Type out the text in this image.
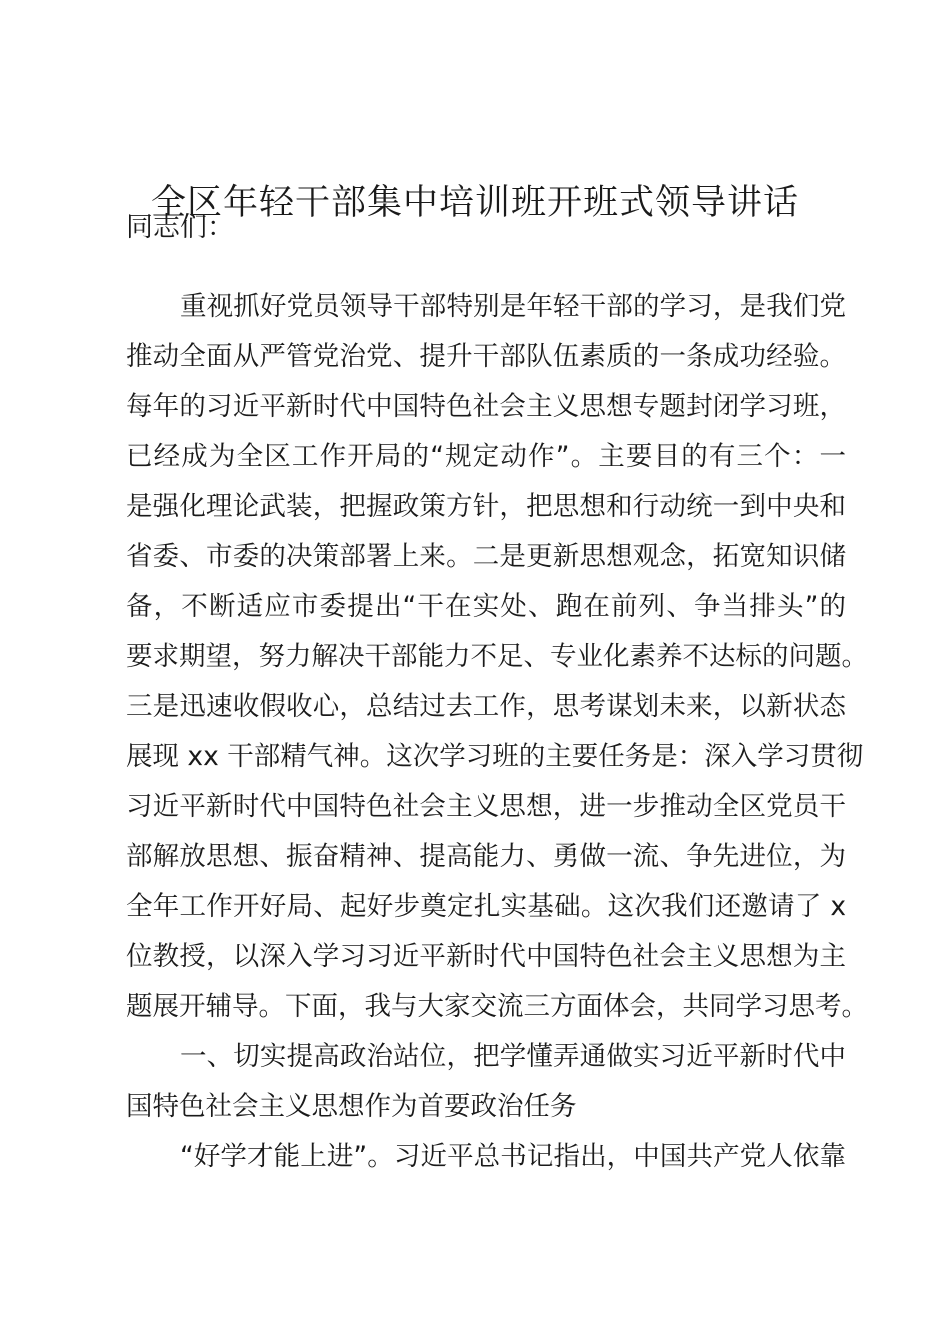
全区年轻干部集中培训班开班式领导讲话
同志们：
重视抓好党员领导干部特别是年轻干部的学习，是我们党
推动全面从严管党治党、提升干部队伍素质的一条成功经验。
每年的习近平新时代中国特色社会主义思想专题封闭学习班，
已经成为全区工作开局的“规定动作”。主要目的有三个：一
是强化理论武装，把握政策方针，把思想和行动统一到中央和
省委、市委的决策部署上来。二是更新思想观念，拓宽知识储
备，不断适应市委提出“干在实处、跑在前列、争当排头”的
要求期望，努力解决干部能力不足、专业化素养不达标的问题。
三是迅速收假收心，总结过去工作，思考谋划未来，以新状态
展现 xx 干部精气神。这次学习班的主要任务是：深入学习贯彻
习近平新时代中国特色社会主义思想，进一步推动全区党员干
部解放思想、振奋精神、提高能力、勇做一流、争先进位，为
全年工作开好局、起好步奠定扎实基础。这次我们还邀请了 x
位教授，以深入学习习近平新时代中国特色社会主义思想为主
题展开辅导。下面，我与大家交流三方面体会，共同学习思考。
一、切实提高政治站位，把学懂弄通做实习近平新时代中
国特色社会主义思想作为首要政治任务
“好学才能上进”。习近平总书记指出，中国共产党人依靠
